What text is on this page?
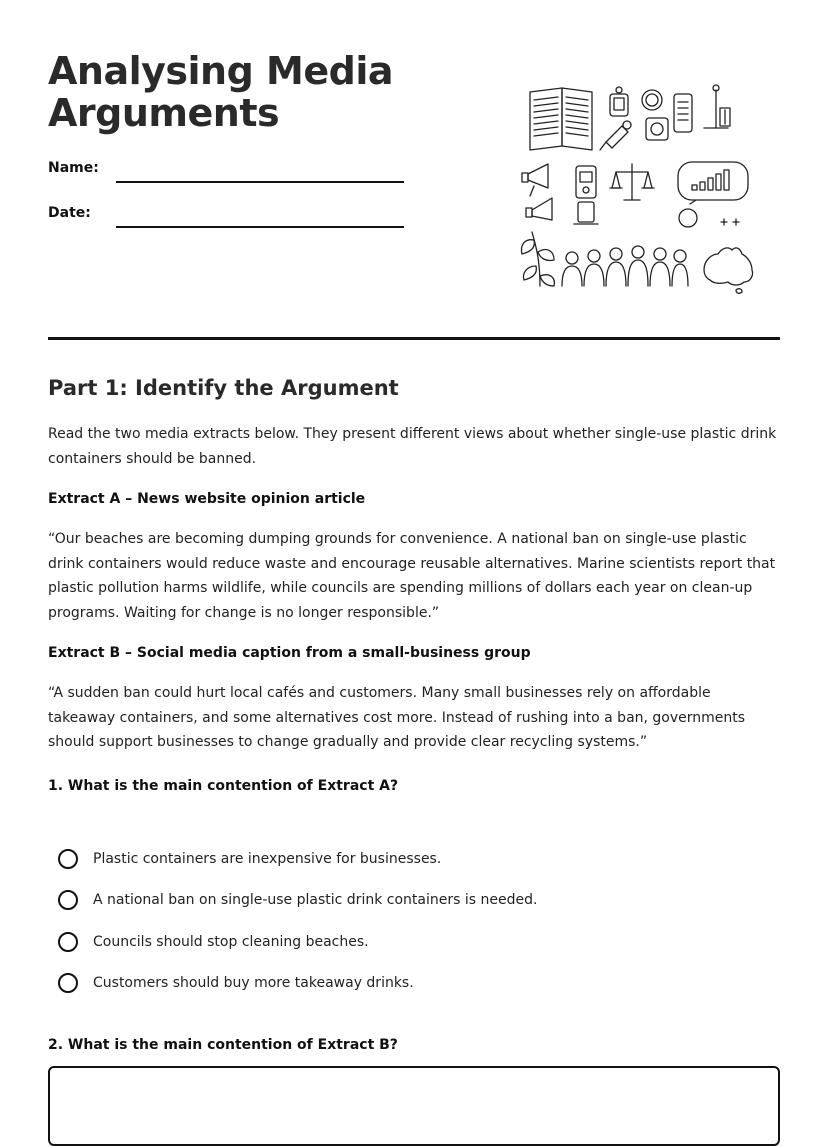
Analysing Media Arguments
Name:
Date:
Part 1: Identify the Argument

Read the two media extracts below. They present different views about whether single-use plastic drink containers should be banned.

Extract A – News website opinion article

“Our beaches are becoming dumping grounds for convenience. A national ban on single-use plastic drink containers would reduce waste and encourage reusable alternatives. Marine scientists report that plastic pollution harms wildlife, while councils are spending millions of dollars each year on clean-up programs. Waiting for change is no longer responsible.”

Extract B – Social media caption from a small-business group

“A sudden ban could hurt local cafés and customers. Many small businesses rely on affordable takeaway containers, and some alternatives cost more. Instead of rushing into a ban, governments should support businesses to change gradually and provide clear recycling systems.”

1. What is the main contention of Extract A?
Plastic containers are inexpensive for businesses.
A national ban on single-use plastic drink containers is needed.
Councils should stop cleaning beaches.
Customers should buy more takeaway drinks.
2. What is the main contention of Extract B?
